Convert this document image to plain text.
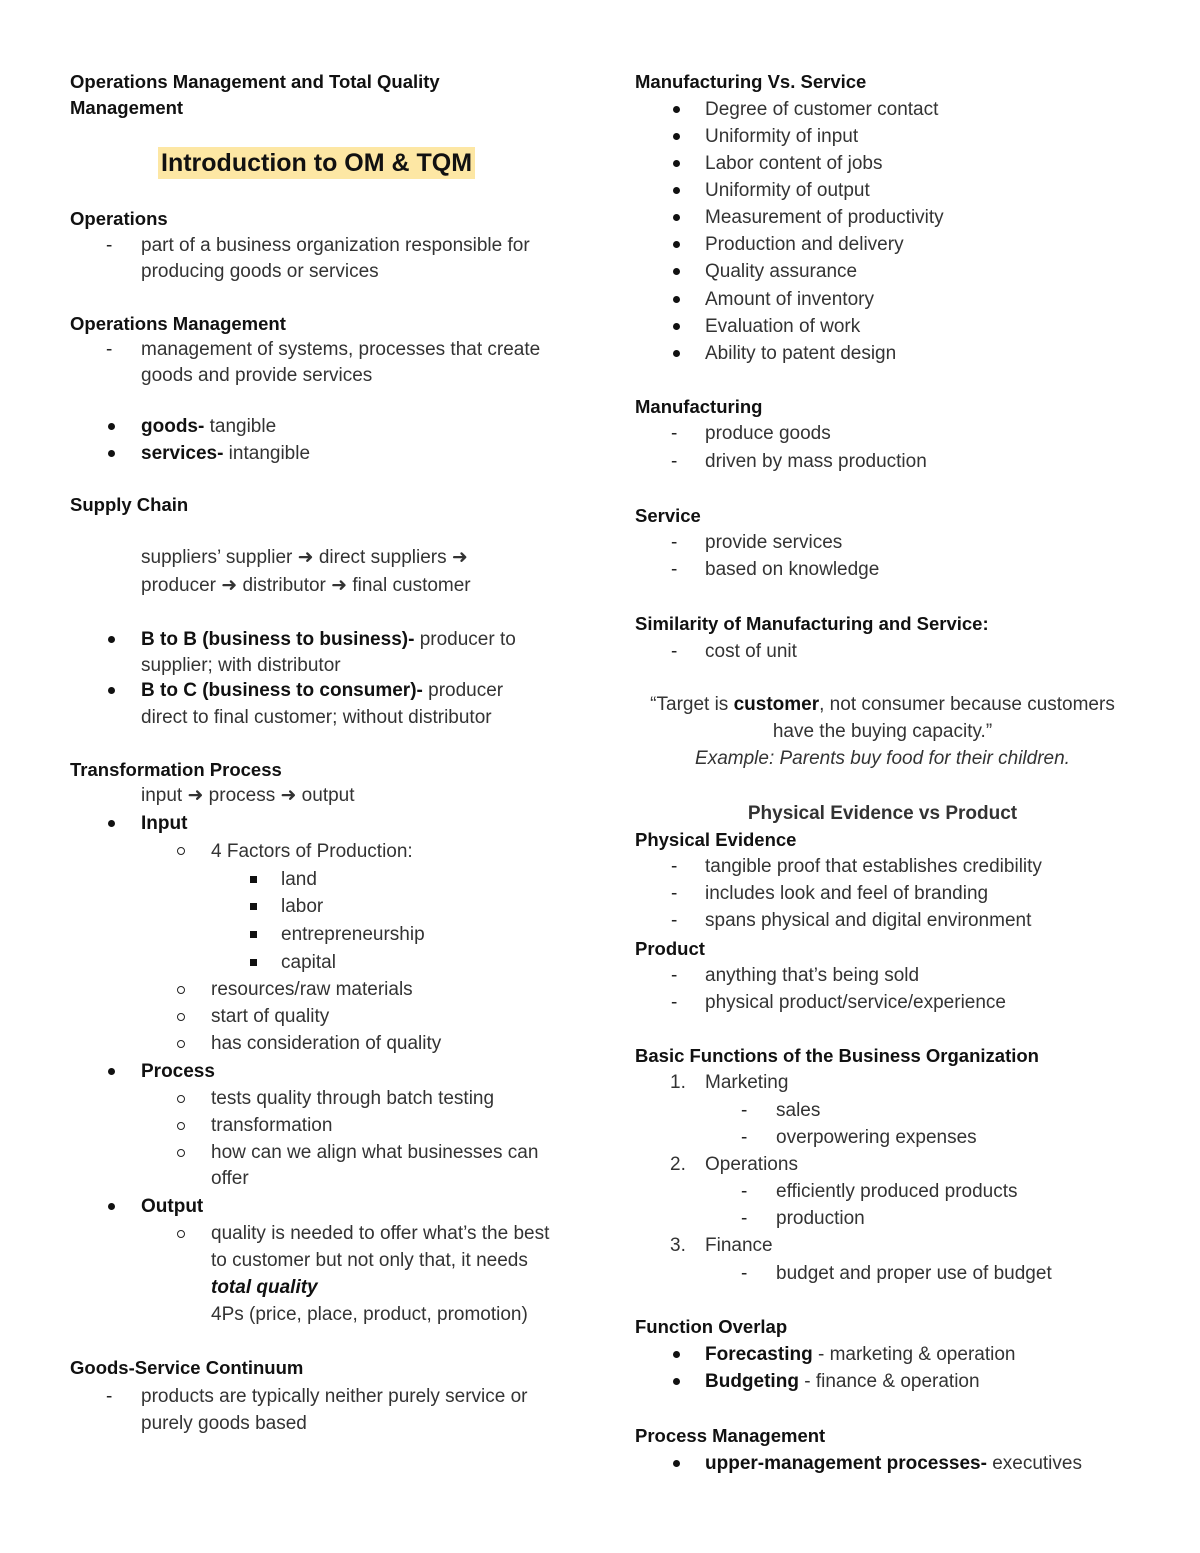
Operations Management and Total Quality
Management
Introduction to OM & TQM
Operations
- part of a business organization responsible for
producing goods or services
Operations Management
- management of systems, processes that create
goods and provide services
goods- tangible
services- intangible
Supply Chain
suppliers’ supplier ➜ direct suppliers ➜
producer ➜ distributor ➜ final customer
B to B (business to business)- producer to
supplier; with distributor
B to C (business to consumer)- producer
direct to final customer; without distributor
Transformation Process
input ➜ process ➜ output
Input
4 Factors of Production:
land
labor
entrepreneurship
capital
resources/raw materials
start of quality
has consideration of quality
Process
tests quality through batch testing
transformation
how can we align what businesses can
offer
Output
quality is needed to offer what’s the best
to customer but not only that, it needs
total quality
4Ps (price, place, product, promotion)
Goods-Service Continuum
- products are typically neither purely service or
purely goods based
Manufacturing Vs. Service
Degree of customer contact
Uniformity of input
Labor content of jobs
Uniformity of output
Measurement of productivity
Production and delivery
Quality assurance
Amount of inventory
Evaluation of work
Ability to patent design
Manufacturing
- produce goods
- driven by mass production
Service
- provide services
- based on knowledge
Similarity of Manufacturing and Service:
- cost of unit
“Target is customer, not consumer because customers
have the buying capacity.”
Example: Parents buy food for their children.
Physical Evidence vs Product
Physical Evidence
- tangible proof that establishes credibility
- includes look and feel of branding
- spans physical and digital environment
Product
- anything that’s being sold
- physical product/service/experience
Basic Functions of the Business Organization
1. Marketing
- sales
- overpowering expenses
2. Operations
- efficiently produced products
- production
3. Finance
- budget and proper use of budget
Function Overlap
Forecasting - marketing & operation
Budgeting - finance & operation
Process Management
upper-management processes- executives
